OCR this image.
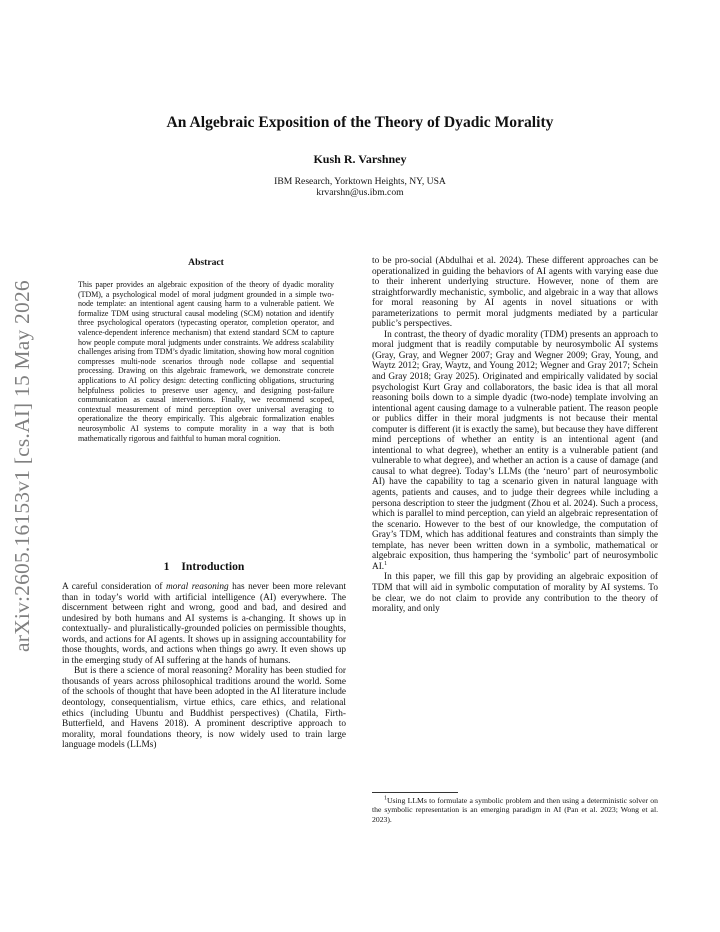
arXiv:2605.16153v1 [cs.AI] 15 May 2026
An Algebraic Exposition of the Theory of Dyadic Morality
Kush R. Varshney
IBM Research, Yorktown Heights, NY, USA
krvarshn@us.ibm.com
Abstract

This paper provides an algebraic exposition of the theory of dyadic morality (TDM), a psychological model of moral judgment grounded in a simple two-node template: an intentional agent causing harm to a vulnerable patient. We formalize TDM using structural causal modeling (SCM) notation and identify three psychological operators (typecasting operator, completion operator, and valence-dependent inference mechanism) that extend standard SCM to capture how people compute moral judgments under constraints. We address scalability challenges arising from TDM’s dyadic limitation, showing how moral cognition compresses multi-node scenarios through node collapse and sequential processing. Drawing on this algebraic framework, we demonstrate concrete applications to AI policy design: detecting conflicting obligations, structuring helpfulness policies to preserve user agency, and designing post-failure communication as causal interventions. Finally, we recommend scoped, contextual measurement of mind perception over universal averaging to operationalize the theory empirically. This algebraic formalization enables neurosymbolic AI systems to compute morality in a way that is both mathematically rigorous and faithful to human moral cognition.

1 Introduction

A careful consideration of moral reasoning has never been more relevant than in today’s world with artificial intelligence (AI) everywhere. The discernment between right and wrong, good and bad, and desired and undesired by both humans and AI systems is a-changing. It shows up in contextually- and pluralistically-grounded policies on permissible thoughts, words, and actions for AI agents. It shows up in assigning accountability for those thoughts, words, and actions when things go awry. It even shows up in the emerging study of AI suffering at the hands of humans.

But is there a science of moral reasoning? Morality has been studied for thousands of years across philosophical traditions around the world. Some of the schools of thought that have been adopted in the AI literature include deontology, consequentialism, virtue ethics, care ethics, and relational ethics (including Ubuntu and Buddhist perspectives) (Chatila, Firth-Butterfield, and Havens 2018). A prominent descriptive approach to morality, moral foundations theory, is now widely used to train large language models (LLMs)

to be pro-social (Abdulhai et al. 2024). These different approaches can be operationalized in guiding the behaviors of AI agents with varying ease due to their inherent underlying structure. However, none of them are straightforwardly mechanistic, symbolic, and algebraic in a way that allows for moral reasoning by AI agents in novel situations or with parameterizations to permit moral judgments mediated by a particular public’s perspectives.

In contrast, the theory of dyadic morality (TDM) presents an approach to moral judgment that is readily computable by neurosymbolic AI systems (Gray, Gray, and Wegner 2007; Gray and Wegner 2009; Gray, Young, and Waytz 2012; Gray, Waytz, and Young 2012; Wegner and Gray 2017; Schein and Gray 2018; Gray 2025). Originated and empirically validated by social psychologist Kurt Gray and collaborators, the basic idea is that all moral reasoning boils down to a simple dyadic (two-node) template involving an intentional agent causing damage to a vulnerable patient. The reason people or publics differ in their moral judgments is not because their mental computer is different (it is exactly the same), but because they have different mind perceptions of whether an entity is an intentional agent (and intentional to what degree), whether an entity is a vulnerable patient (and vulnerable to what degree), and whether an action is a cause of damage (and causal to what degree). Today’s LLMs (the ‘neuro’ part of neurosymbolic AI) have the capability to tag a scenario given in natural language with agents, patients and causes, and to judge their degrees while including a persona description to steer the judgment (Zhou et al. 2024). Such a process, which is parallel to mind perception, can yield an algebraic representation of the scenario. However to the best of our knowledge, the computation of Gray’s TDM, which has additional features and constraints than simply the template, has never been written down in a symbolic, mathematical or algebraic exposition, thus hampering the ‘symbolic’ part of neurosymbolic AI.$^1$

In this paper, we fill this gap by providing an algebraic exposition of TDM that will aid in symbolic computation of morality by AI systems. To be clear, we do not claim to provide any contribution to the theory of morality, and only

$^1$Using LLMs to formulate a symbolic problem and then using a deterministic solver on the symbolic representation is an emerging paradigm in AI (Pan et al. 2023; Wong et al. 2023).
